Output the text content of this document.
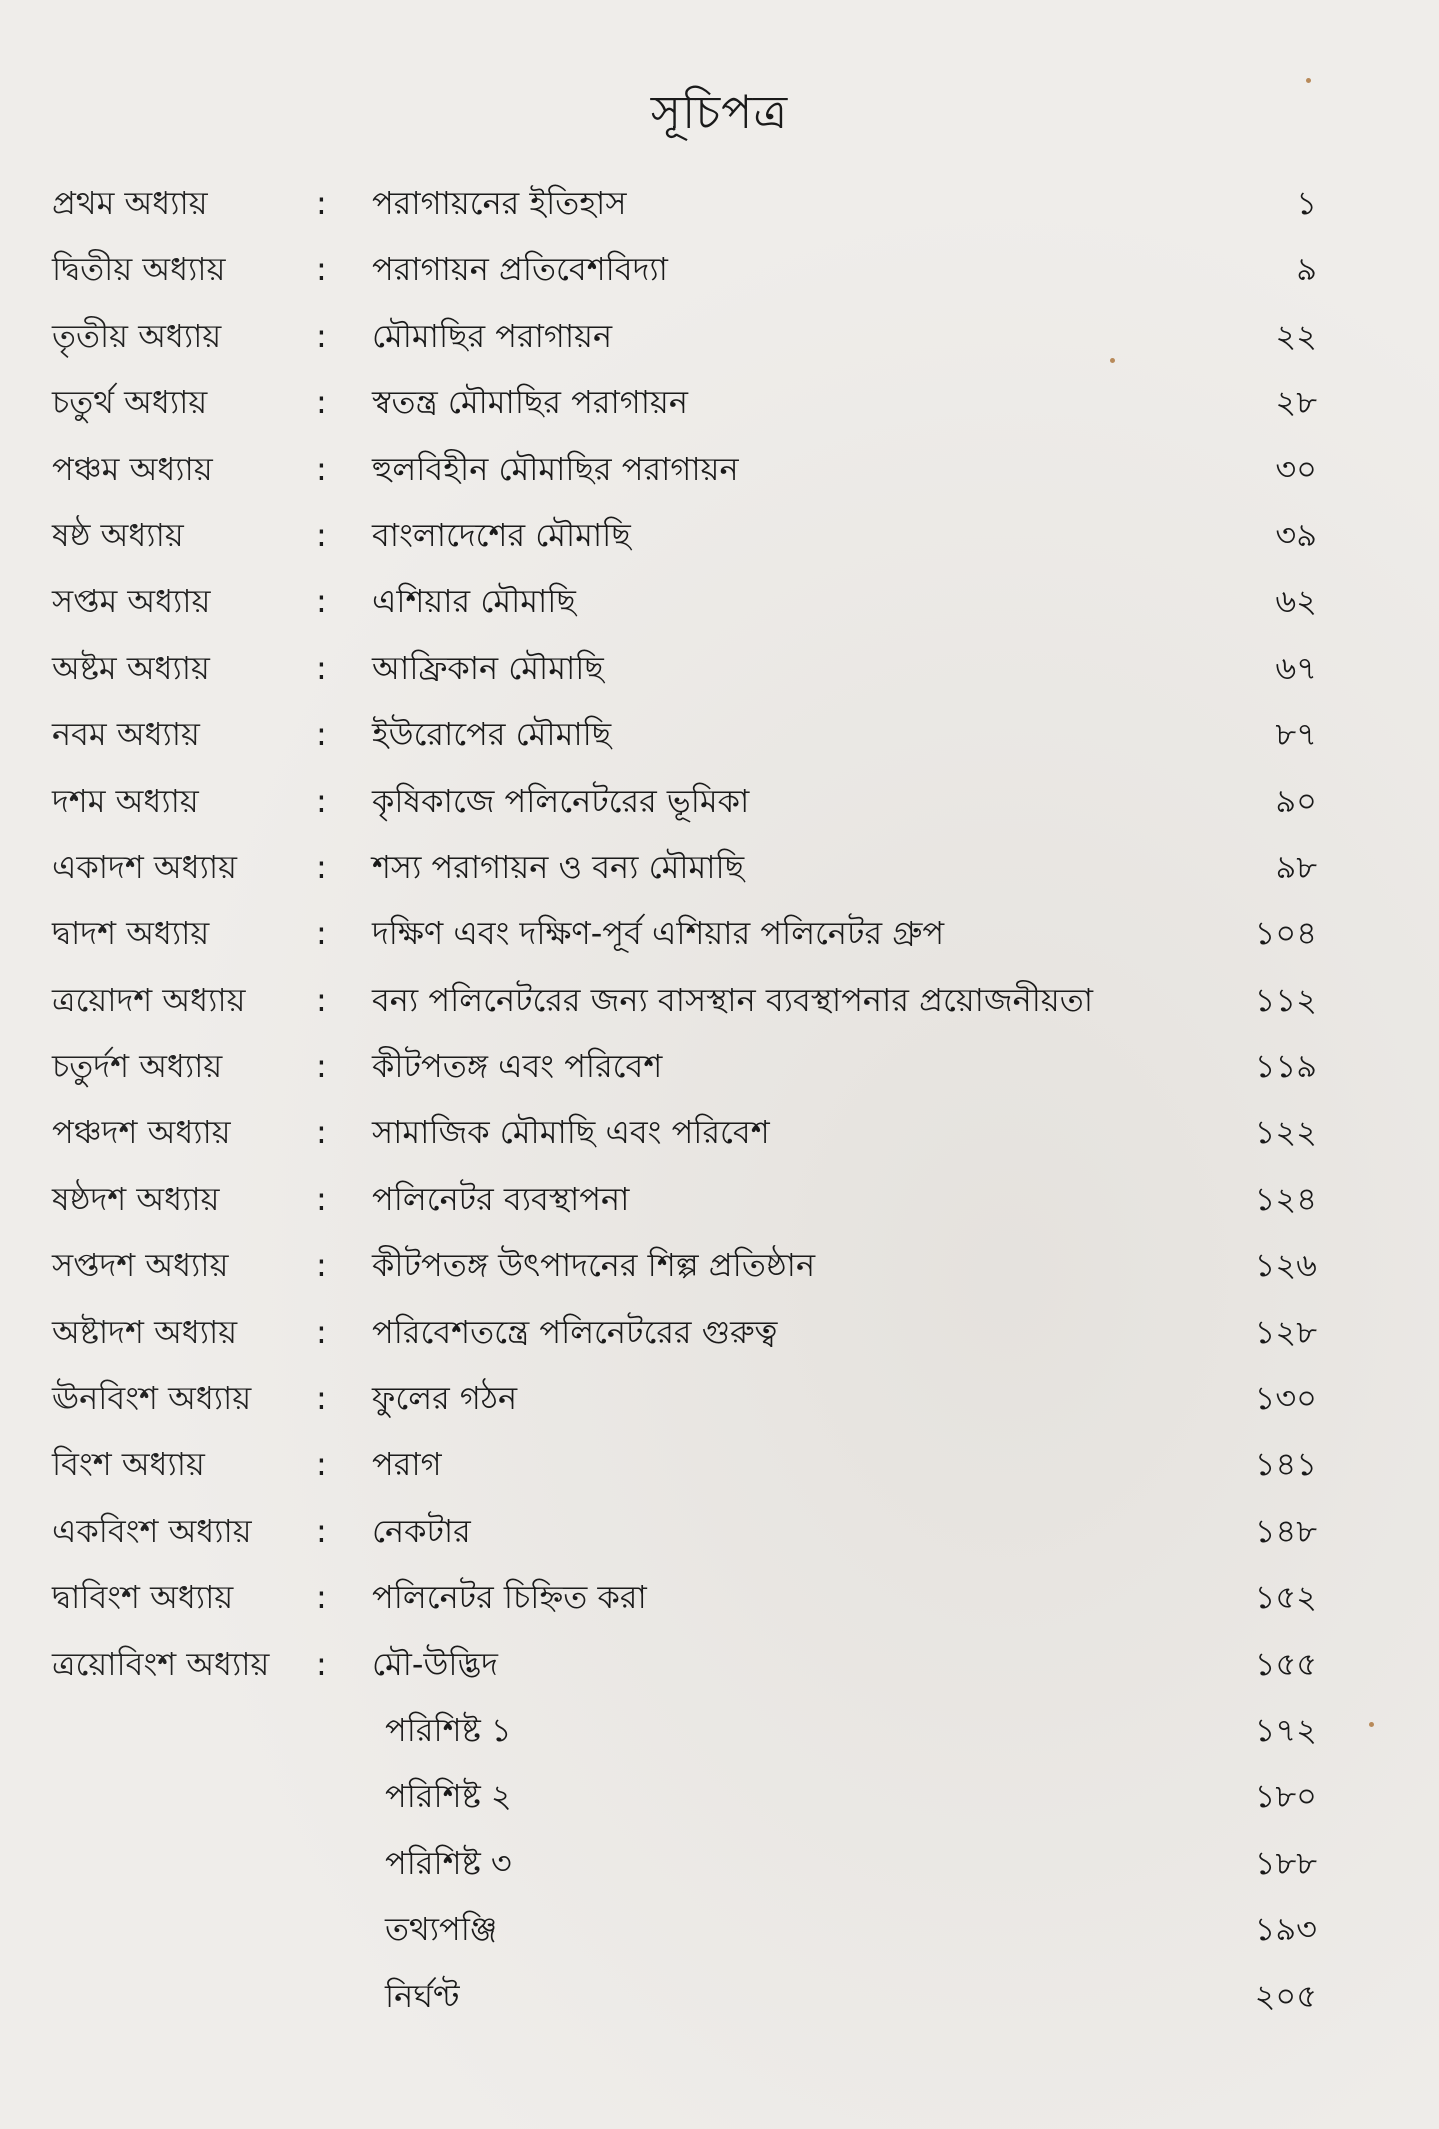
সূচিপত্র
প্রথম অধ্যায়	: পরাগায়নের ইতিহাস	১
দ্বিতীয় অধ্যায়	: পরাগায়ন প্রতিবেশবিদ্যা	৯
তৃতীয় অধ্যায়	: মৌমাছির পরাগায়ন	২২
চতুর্থ অধ্যায়	: স্বতন্ত্র মৌমাছির পরাগায়ন	২৮
পঞ্চম অধ্যায়	: হুলবিহীন মৌমাছির পরাগায়ন	৩০
ষষ্ঠ অধ্যায়	: বাংলাদেশের মৌমাছি	৩৯
সপ্তম অধ্যায়	: এশিয়ার মৌমাছি	৬২
অষ্টম অধ্যায়	: আফ্রিকান মৌমাছি	৬৭
নবম অধ্যায়	: ইউরোপের মৌমাছি	৮৭
দশম অধ্যায়	: কৃষিকাজে পলিনেটরের ভূমিকা	৯০
একাদশ অধ্যায় : শস্য পরাগায়ন ও বন্য মৌমাছি	৯৮
দ্বাদশ অধ্যায়	: দক্ষিণ এবং দক্ষিণ-পূর্ব এশিয়ার পলিনেটর গ্রুপ	১০৪
ত্রয়োদশ অধ্যায় : বন্য পলিনেটরের জন্য বাসস্থান ব্যবস্থাপনার প্রয়োজনীয়তা	১১২
চতুর্দশ অধ্যায়	: কীটপতঙ্গ এবং পরিবেশ	১১৯
পঞ্চদশ অধ্যায়	: সামাজিক মৌমাছি এবং পরিবেশ	১২২
ষষ্ঠদশ অধ্যায়	: পলিনেটর ব্যবস্থাপনা	১২৪
সপ্তদশ অধ্যায়	: কীটপতঙ্গ উৎপাদনের শিল্প প্রতিষ্ঠান	১২৬
অষ্টাদশ অধ্যায় : পরিবেশতন্ত্রে পলিনেটরের গুরুত্ব	১২৮
ঊনবিংশ অধ্যায় : ফুলের গঠন	১৩০
বিংশ অধ্যায়	: পরাগ	১৪১
একবিংশ অধ্যায় : নেকটার	১৪৮
দ্বাবিংশ অধ্যায়	: পলিনেটর চিহ্নিত করা	১৫২
ত্রয়োবিংশ অধ্যায় : মৌ-উদ্ভিদ	১৫৫
পরিশিষ্ট ১	১৭২
পরিশিষ্ট ২	১৮০
পরিশিষ্ট ৩	১৮৮
তথ্যপঞ্জি	১৯৩
নির্ঘণ্ট	২০৫
